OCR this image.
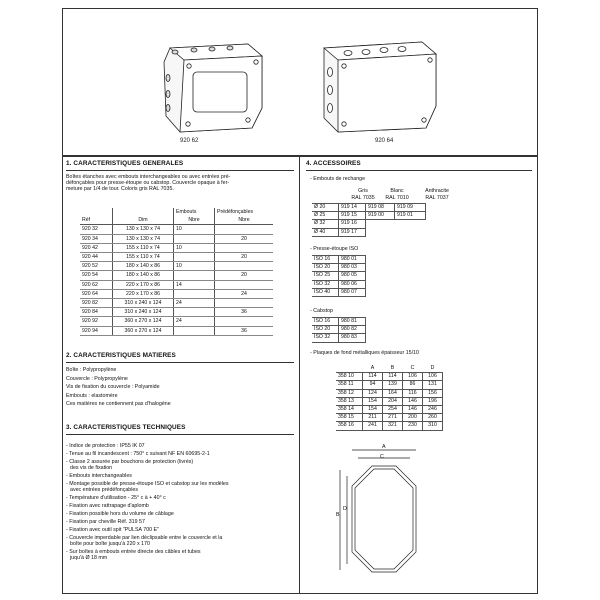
920 62	920 64
1. CARACTERISTIQUES GENERALES
Boîtes étanches avec embouts interchangeables ou avec entrées pré-
défonçables pour presse-étoupe ou cabstop. Couvercle opaque à fer-
meture par 1/4 de tour. Coloris gris RAL 7035.
		Embouts	Prédéfonçables
Réf	Dim	Nbre	Nbre
920 32	130 x 130 x 74	10	
920 34	130 x 130 x 74		20
920 42	155 x 110 x 74	10	
920 44	155 x 110 x 74		20
920 52	180 x 140 x 86	10	
920 54	180 x 140 x 86		20
920 62	220 x 170 x 86	14	
920 64	220 x 170 x 86		24
920 82	310 x 240 x 124	24	
920 84	310 x 240 x 124		36
920 92	360 x 270 x 124	24	
920 94	360 x 270 x 124		36
2. CARACTERISTIQUES MATIERES
Boîte : Polypropylène
Couvercle : Polypropylène
Vis de fixation du couvercle : Polyamide
Embouts : elastomère
Ces matières ne contiennent pas d'halogène
3. CARACTERISTIQUES TECHNIQUES
- Indice de protection : IP55 IK 07
- Tenue au fil incandescent : 750° c suivant NF EN 60695-2-1
- Classe 2 assurée par bouchons de protection (livrés)
des vis de fixation
- Embouts interchangeables
- Montage possible de presse-étoupe ISO et cabstop sur les modèles
avec entrées prédéfonçables
- Température d'utilisation - 25° c à + 40° c
- Fixation avec rattrapage d'aplomb
- Fixation possible hors du volume de câblage
- Fixation par cheville Réf. 319 57
- Fixation avec outil spit "PULSA 700 E"
- Couvercle imperdable par lien déclipsable entre le couvercle et la
boîte pour boîte jusqu'à 220 x 170
- Sur boîtes à embouts entrée directe des câbles et tubes
juqu'à Ø 18 mm
4. ACCESSOIRES
- Embouts de rechange
Gris	Blanc	Anthracite
RAL 7035	RAL 7010	RAL 7037
Ø 20	919 14	919 08	919 09
Ø 25	919 15	919 00	919 01
Ø 32	919 16		
Ø 40	919 17		
- Presse-étoupe ISO
ISO 16	980 01
ISO 20	980 03
ISO 25	980 05
ISO 32	980 06
ISO 40	980 07
- Cabstop
ISO 16	980 81
ISO 20	980 82
ISO 32	980 83
- Plaques de fond métalliques épaisseur 15/10
	A	B	C	D
358 10	114	114	106	106
358 11	94	139	86	131
358 12	124	164	116	156
358 13	154	204	146	196
358 14	154	254	146	246
358 15	211	271	200	260
358 16	241	321	230	310
A
C
B
D
